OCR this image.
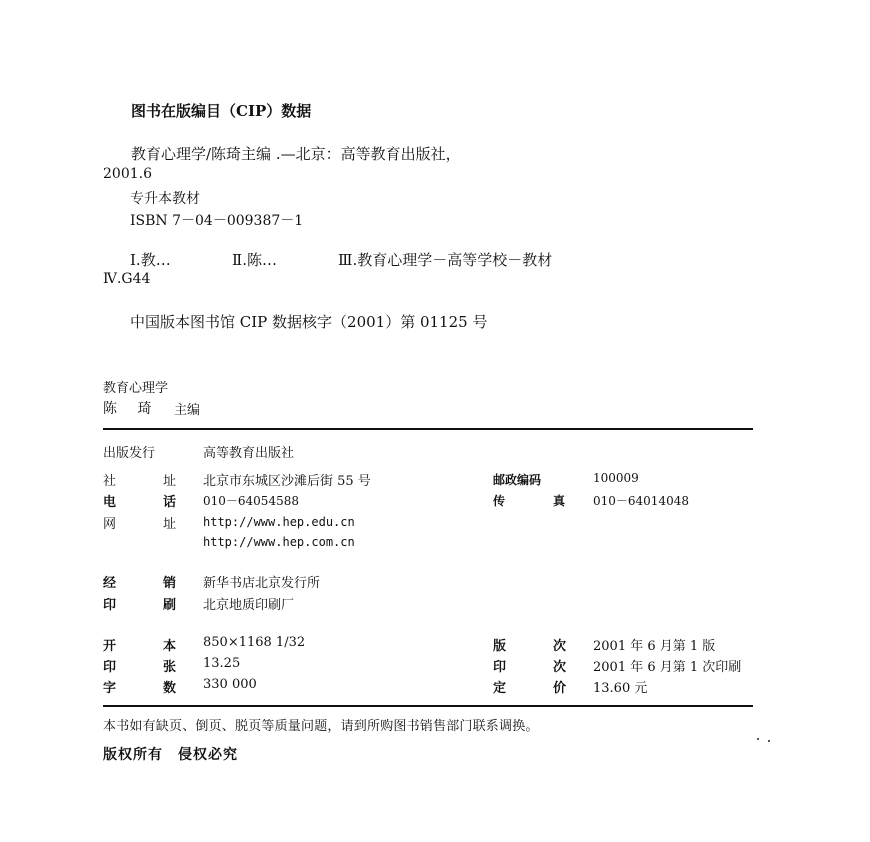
图书在版编目（CIP）数据
教育心理学/陈琦主编 .—北京：高等教育出版社，
2001.6
专升本教材
ISBN 7－04－009387－1
Ⅰ.教…	Ⅱ.陈…	Ⅲ.教育心理学－高等学校－教材
Ⅳ.G44
中国版本图书馆 CIP 数据核字（2001）第 01125 号
教育心理学
陈 琦 主编
出版发行	高等教育出版社
社	址 北京市东城区沙滩后街 55 号	邮政编码	100009
电	话 010－64054588	传	真 010－64014048
网	址 http://www.hep.edu.cn
http://www.hep.com.cn
经	销 新华书店北京发行所
印	刷 北京地质印刷厂
开	本 850×1168 1/32	版	次 2001 年 6 月第 1 版
印	张 13.25	印	次 2001 年 6 月第 1 次印刷
字	数 330 000	定	价 13.60 元
本书如有缺页、倒页、脱页等质量问题，请到所购图书销售部门联系调换。
版权所有　侵权必究
